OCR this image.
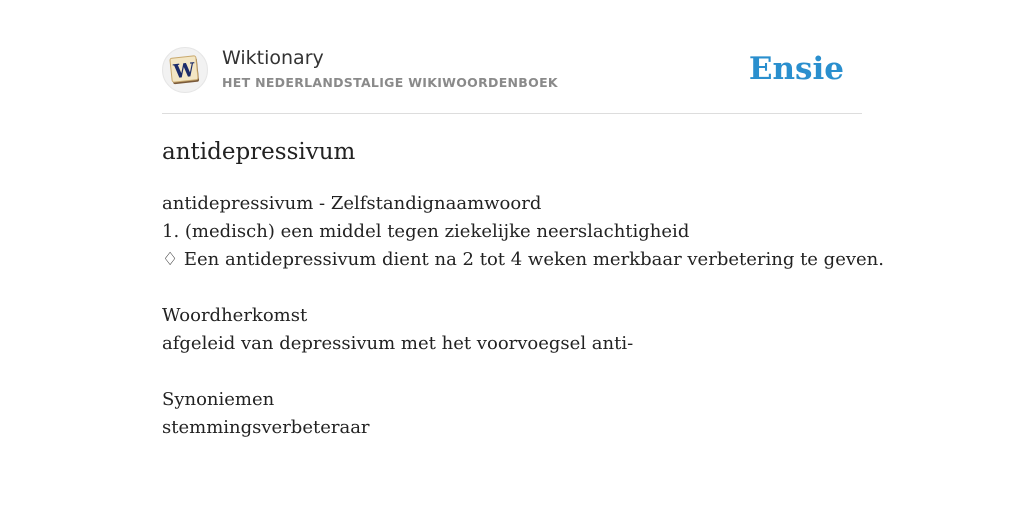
W
Wiktionary
HET NEDERLANDSTALIGE WIKIWOORDENBOEK	Ensie
antidepressivum
antidepressivum - Zelfstandignaamwoord
1. (medisch) een middel tegen ziekelijke neerslachtigheid
♢ Een antidepressivum dient na 2 tot 4 weken merkbaar verbetering te geven.
Woordherkomst
afgeleid van depressivum met het voorvoegsel anti-
Synoniemen
stemmingsverbeteraar
